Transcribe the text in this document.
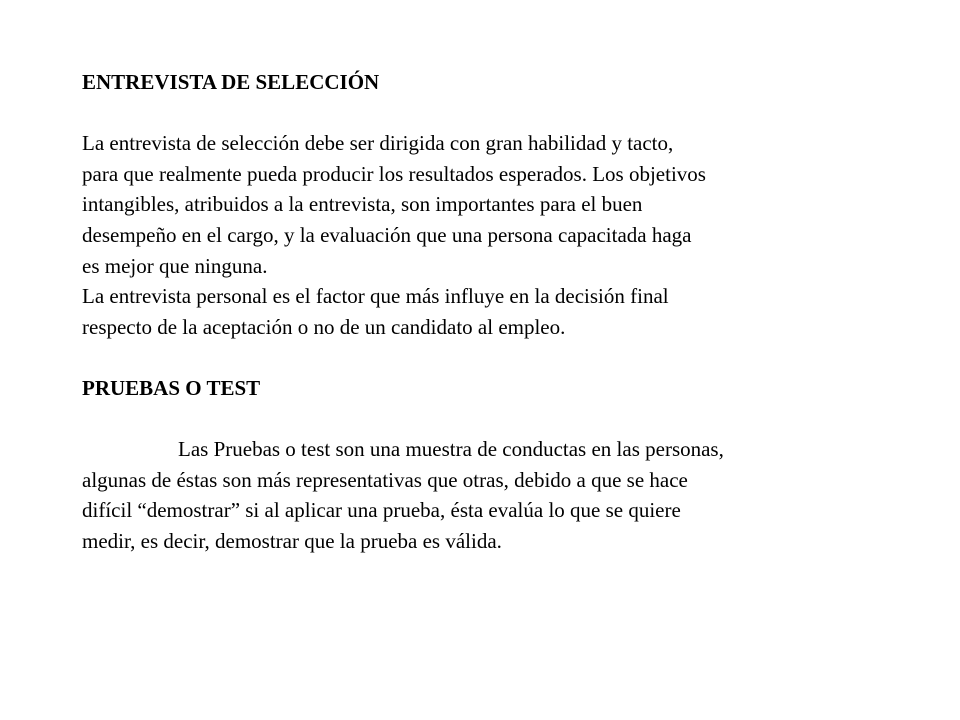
ENTREVISTA DE SELECCIÓN
La entrevista de selección debe ser dirigida con gran habilidad y tacto,
para que realmente pueda producir los resultados esperados. Los objetivos
intangibles, atribuidos a la entrevista, son importantes para el buen
desempeño en el cargo, y la evaluación que una persona capacitada haga
es mejor que ninguna.
La entrevista personal es el factor que más influye en la decisión final
respecto de la aceptación o no de un candidato al empleo.
PRUEBAS O TEST
Las Pruebas o test son una muestra de conductas en las personas,
algunas de éstas son más representativas que otras, debido a que se hace
difícil “demostrar” si al aplicar una prueba, ésta evalúa lo que se quiere
medir, es decir, demostrar que la prueba es válida.
